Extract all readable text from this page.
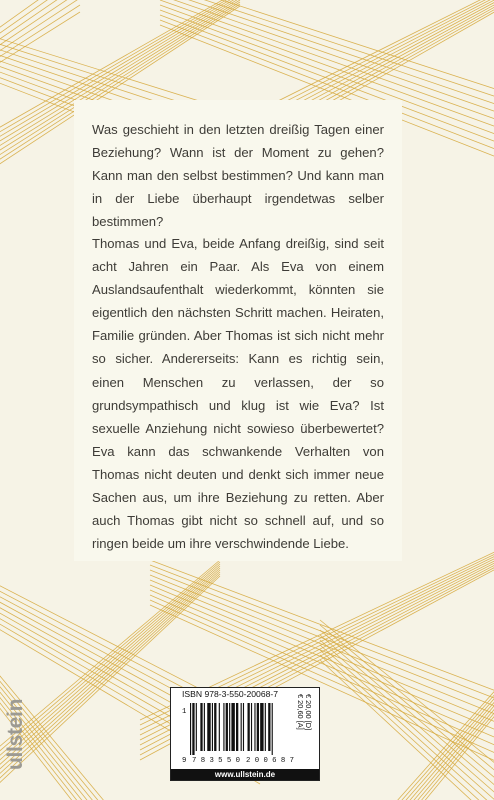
Was geschieht in den letzten dreißig Tagen einer Beziehung? Wann ist der Moment zu gehen? Kann man den selbst bestimmen? Und kann man in der Liebe überhaupt irgendetwas selber bestimmen?

Thomas und Eva, beide Anfang dreißig, sind seit acht Jahren ein Paar. Als Eva von einem Auslandsaufenthalt wiederkommt, könnten sie eigentlich den nächsten Schritt machen. Heiraten, Familie gründen. Aber Thomas ist sich nicht mehr so sicher. Andererseits: Kann es richtig sein, einen Menschen zu verlassen, der so grundsympathisch und klug ist wie Eva? Ist sexuelle Anziehung nicht sowieso überbewertet? Eva kann das schwankende Verhalten von Thomas nicht deuten und denkt sich immer neue Sachen aus, um ihre Beziehung zu retten. Aber auch Thomas gibt nicht so schnell auf, und so ringen beide um ihre verschwindende Liebe.

ullstein
ISBN 978-3-550-20068-7
1
9 783550 200687
€ 20,00 [D]
€ 20,60 [A]
www.ullstein.de
